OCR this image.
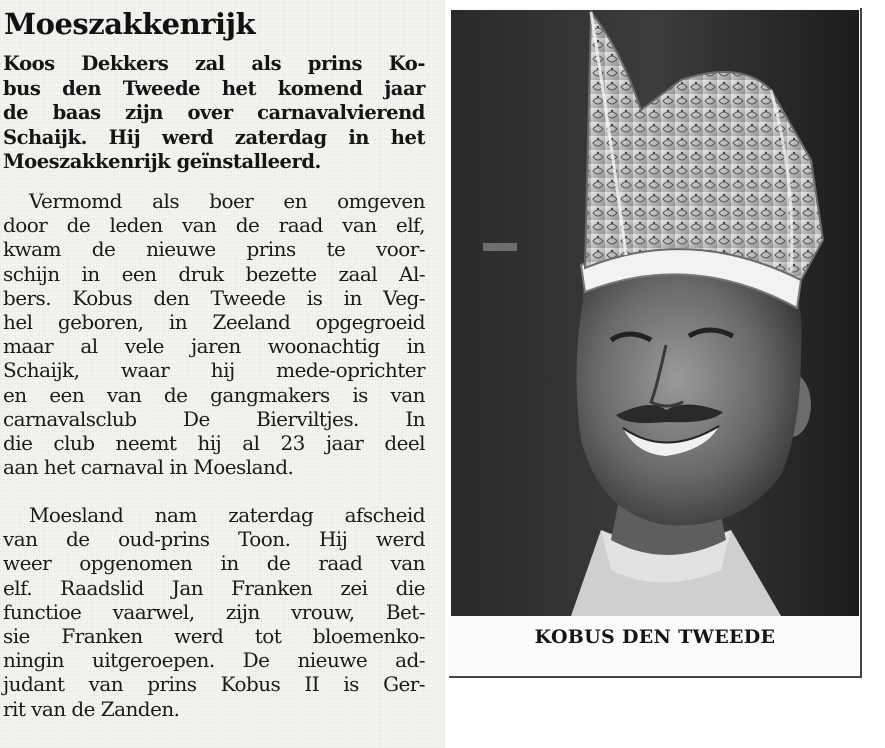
Moeszakkenrijk
Koos Dekkers zal als prins Ko-
bus den Tweede het komend jaar
de baas zijn over carnavalvierend
Schaijk. Hij werd zaterdag in het
Moeszakkenrijk geïnstalleerd.
Vermomd als boer en omgeven
door de leden van de raad van elf,
kwam de nieuwe prins te voor-
schijn in een druk bezette zaal Al-
bers. Kobus den Tweede is in Veg-
hel geboren, in Zeeland opgegroeid
maar al vele jaren woonachtig in
Schaijk, waar hij mede-oprichter
en een van de gangmakers is van
carnavalsclub De Bierviltjes. In
die club neemt hij al 23 jaar deel
aan het carnaval in Moesland.
Moesland nam zaterdag afscheid
van de oud-prins Toon. Hij werd
weer opgenomen in de raad van
elf. Raadslid Jan Franken zei die
functioe vaarwel, zijn vrouw, Bet-
sie Franken werd tot bloemenko-
ningin uitgeroepen. De nieuwe ad-
judant van prins Kobus II is Ger-
rit van de Zanden.

KOBUS DEN TWEEDE
